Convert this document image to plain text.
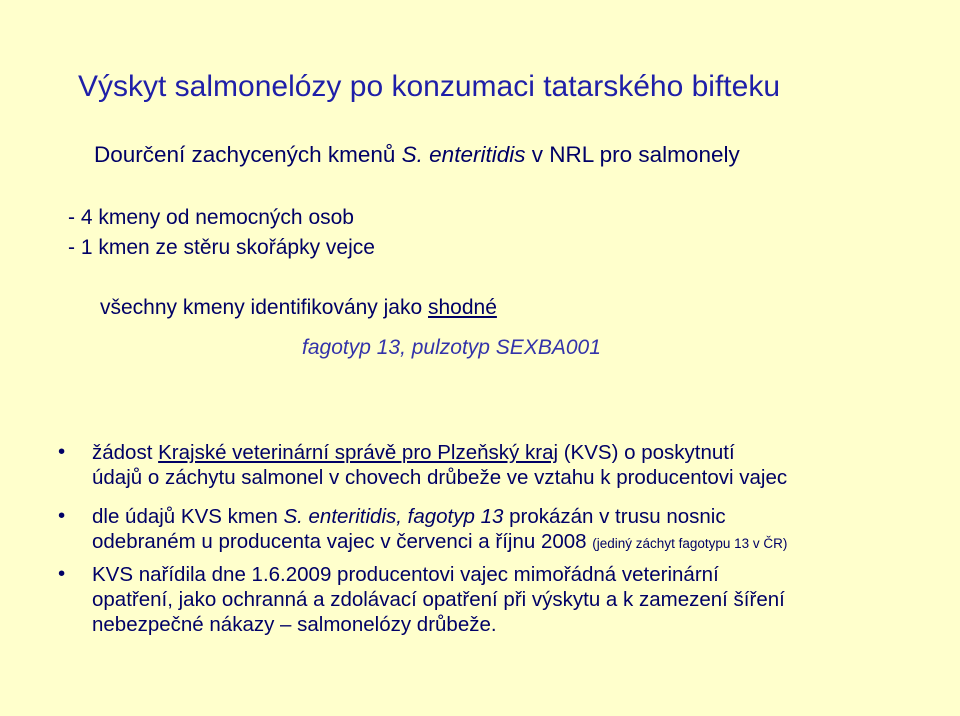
Výskyt salmonelózy po konzumaci tatarského bifteku
Dourčení zachycených kmenů S. enteritidis v NRL pro salmonely
- 4 kmeny od nemocných osob
- 1 kmen ze stěru skořápky vejce
všechny kmeny identifikovány jako shodné
fagotyp 13, pulzotyp SEXBA001
• žádost Krajské veterinární správě pro Plzeňský kraj (KVS) o poskytnutí
údajů o záchytu salmonel v chovech drůbeže ve vztahu k producentovi vajec
• dle údajů KVS kmen S. enteritidis, fagotyp 13 prokázán v trusu nosnic
odebraném u producenta vajec v červenci a říjnu 2008 (jediný záchyt fagotypu 13 v ČR)
• KVS nařídila dne 1.6.2009 producentovi vajec mimořádná veterinární
opatření, jako ochranná a zdolávací opatření při výskytu a k zamezení šíření
nebezpečné nákazy – salmonelózy drůbeže.
